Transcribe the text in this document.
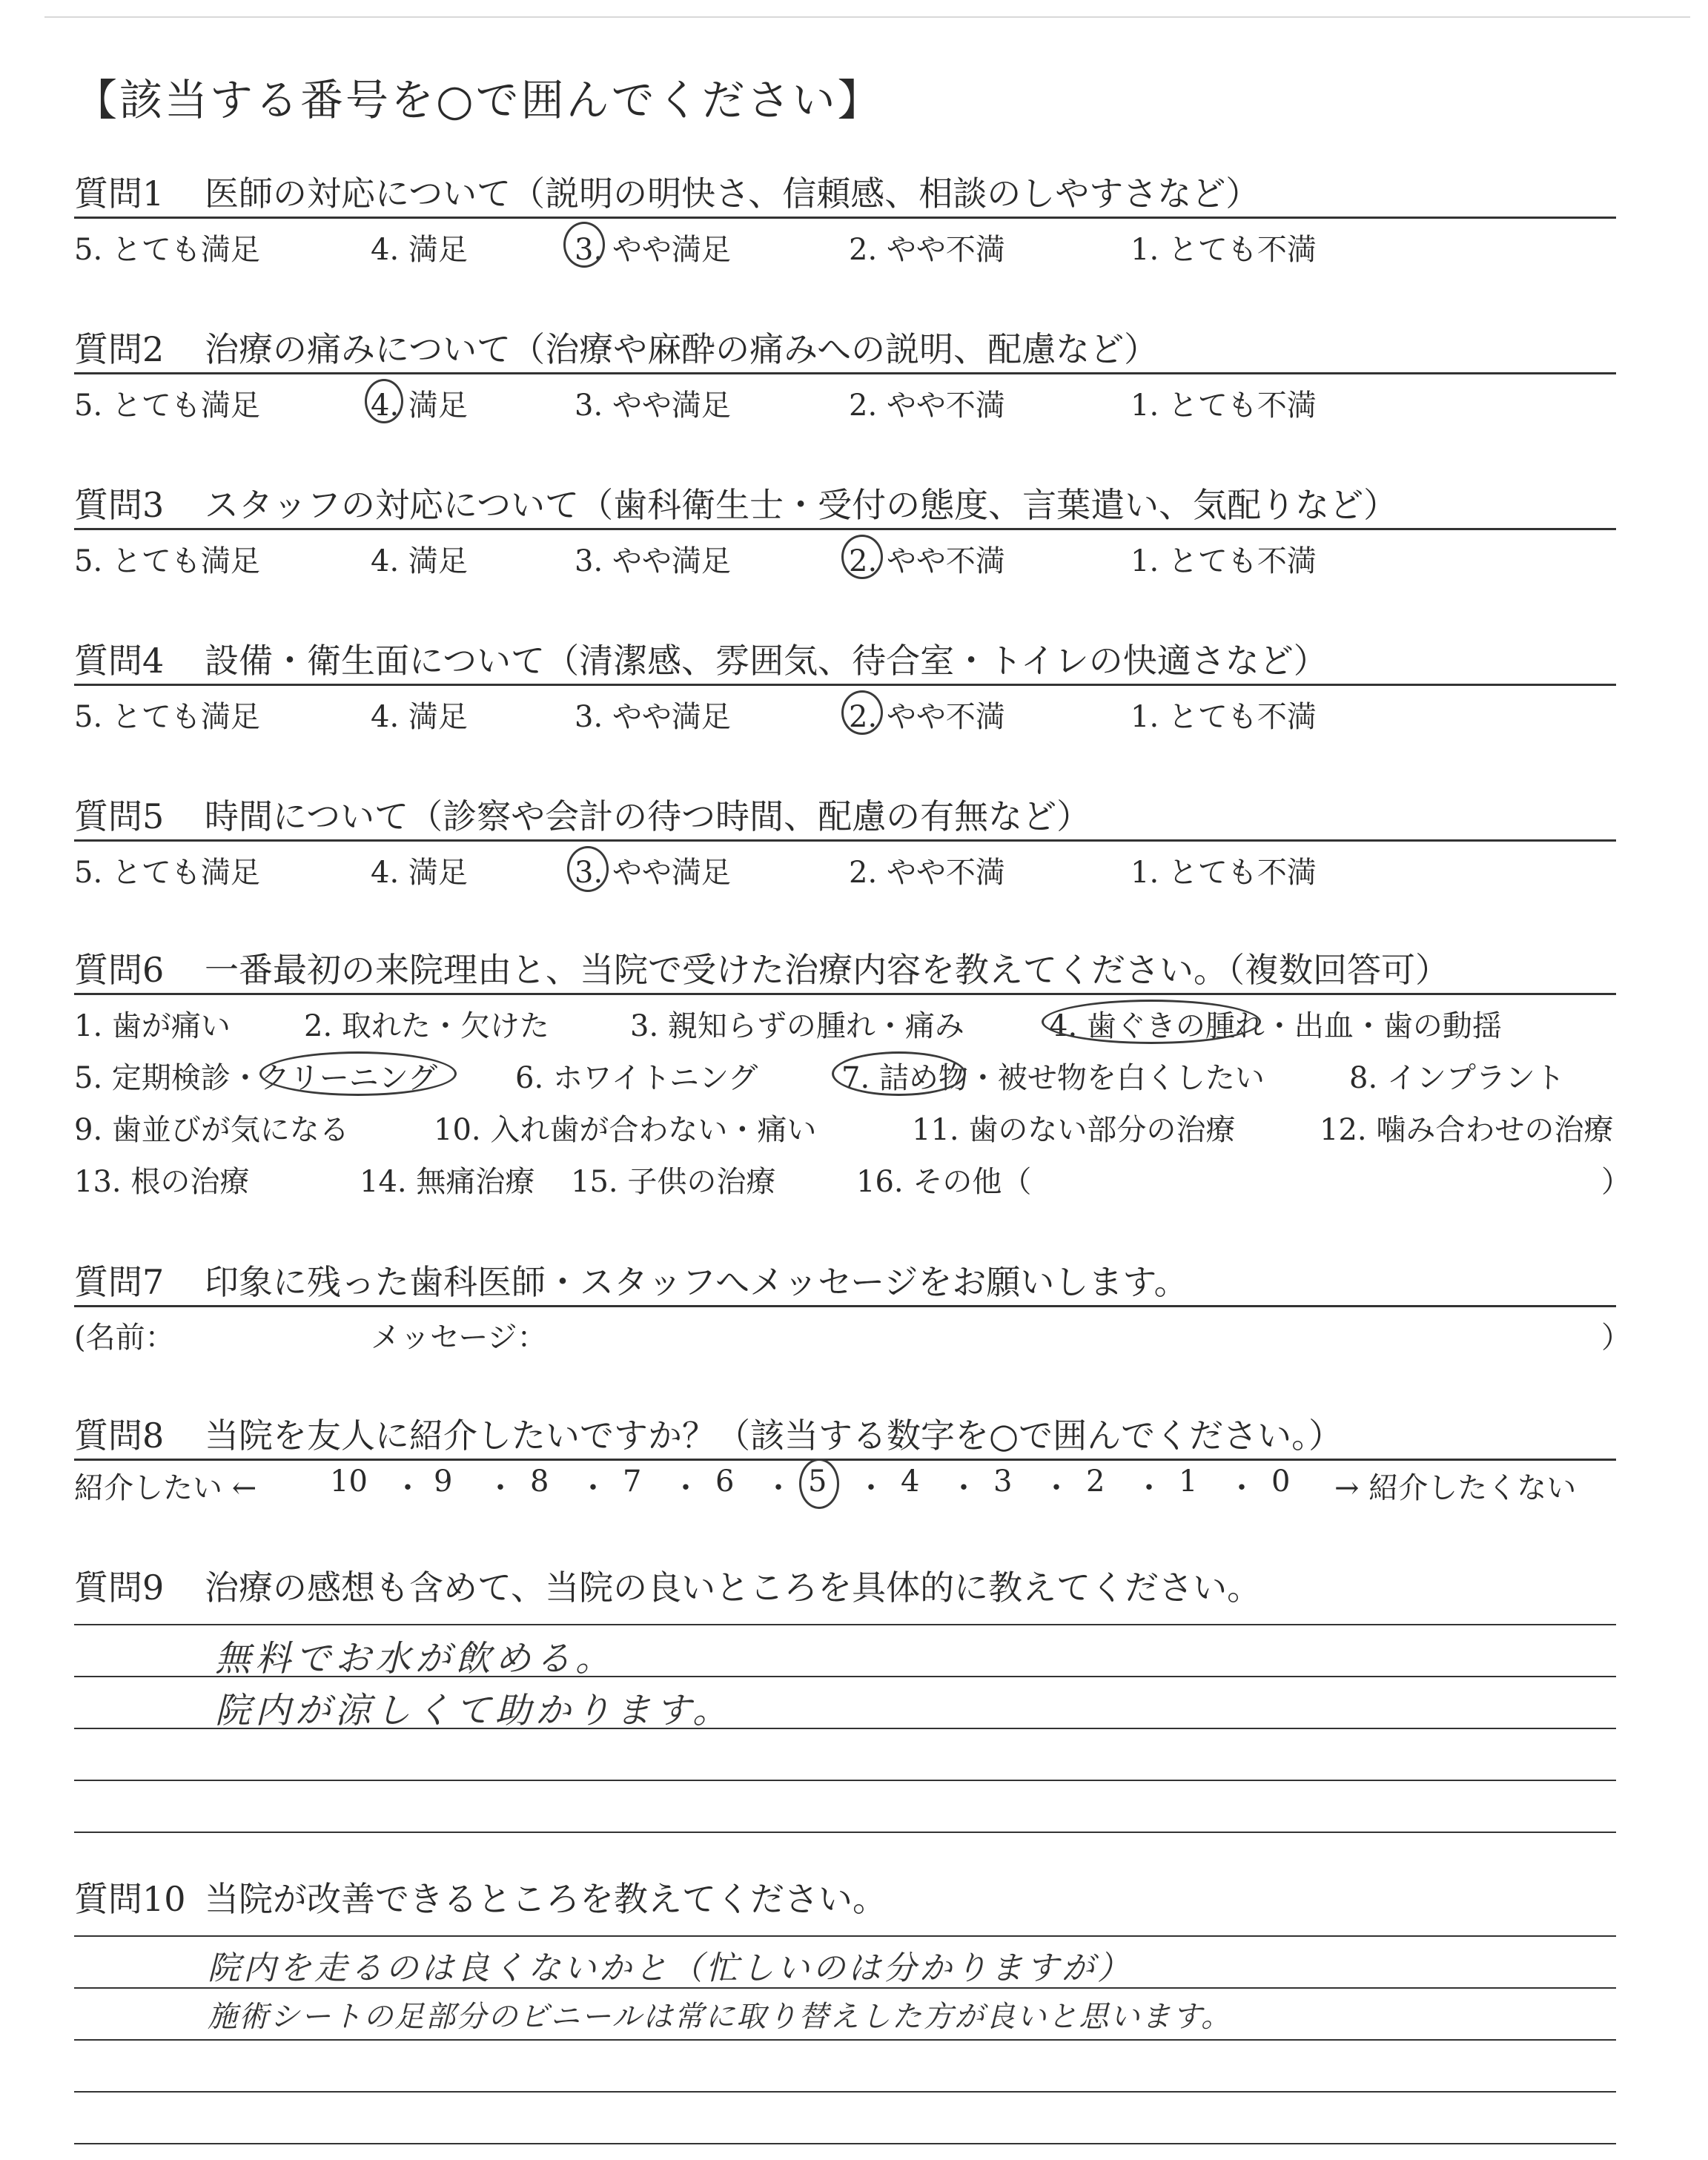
【該当する番号を○で囲んでください】
質問1 医師の対応について（説明の明快さ、信頼感、相談のしやすさなど）
5. とても満足	4. 満足	3. やや満足	2. やや不満	1. とても不満
質問2 治療の痛みについて（治療や麻酔の痛みへの説明、配慮など）
5. とても満足	4. 満足	3. やや満足	2. やや不満	1. とても不満
質問3 スタッフの対応について（歯科衛生士・受付の態度、言葉遣い、気配りなど）
5. とても満足	4. 満足	3. やや満足	2. やや不満	1. とても不満
質問4 設備・衛生面について（清潔感、雰囲気、待合室・トイレの快適さなど）
5. とても満足	4. 満足	3. やや満足	2. やや不満	1. とても不満
質問5 時間について（診察や会計の待つ時間、配慮の有無など）
5. とても満足	4. 満足	3. やや満足	2. やや不満	1. とても不満
質問6 一番最初の来院理由と、当院で受けた治療内容を教えてください。（複数回答可）
1. 歯が痛い 2. 取れた・欠けた	3. 親知らずの腫れ・痛み	4. 歯ぐきの腫れ・出血・歯の動揺
5. 定期検診・クリーニング	6. ホワイトニング	7. 詰め物・被せ物を白くしたい	8. インプラント
9. 歯並びが気になる	10. 入れ歯が合わない・痛い	11. 歯のない部分の治療	12. 噛み合わせの治療
13. 根の治療	14. 無痛治療 15. 子供の治療	16. その他（	）
質問7 印象に残った歯科医師・スタッフへメッセージをお願いします。
(名前：	メッセージ：	）
質問8 当院を友人に紹介したいですか？（該当する数字を○で囲んでください。）
紹介したい ← 10 ・ 9 ・ 8 ・ 7 ・ 6 ・ 5 ・ 4 ・ 3 ・ 2 ・ 1 ・ 0 → 紹介したくない
質問9 治療の感想も含めて、当院の良いところを具体的に教えてください。
無料でお水が飲める。
院内が涼しくて助かります。
質問10 当院が改善できるところを教えてください。
院内を走るのは良くないかと（忙しいのは分かりますが）
施術シートの足部分のビニールは常に取り替えした方が良いと思います。
